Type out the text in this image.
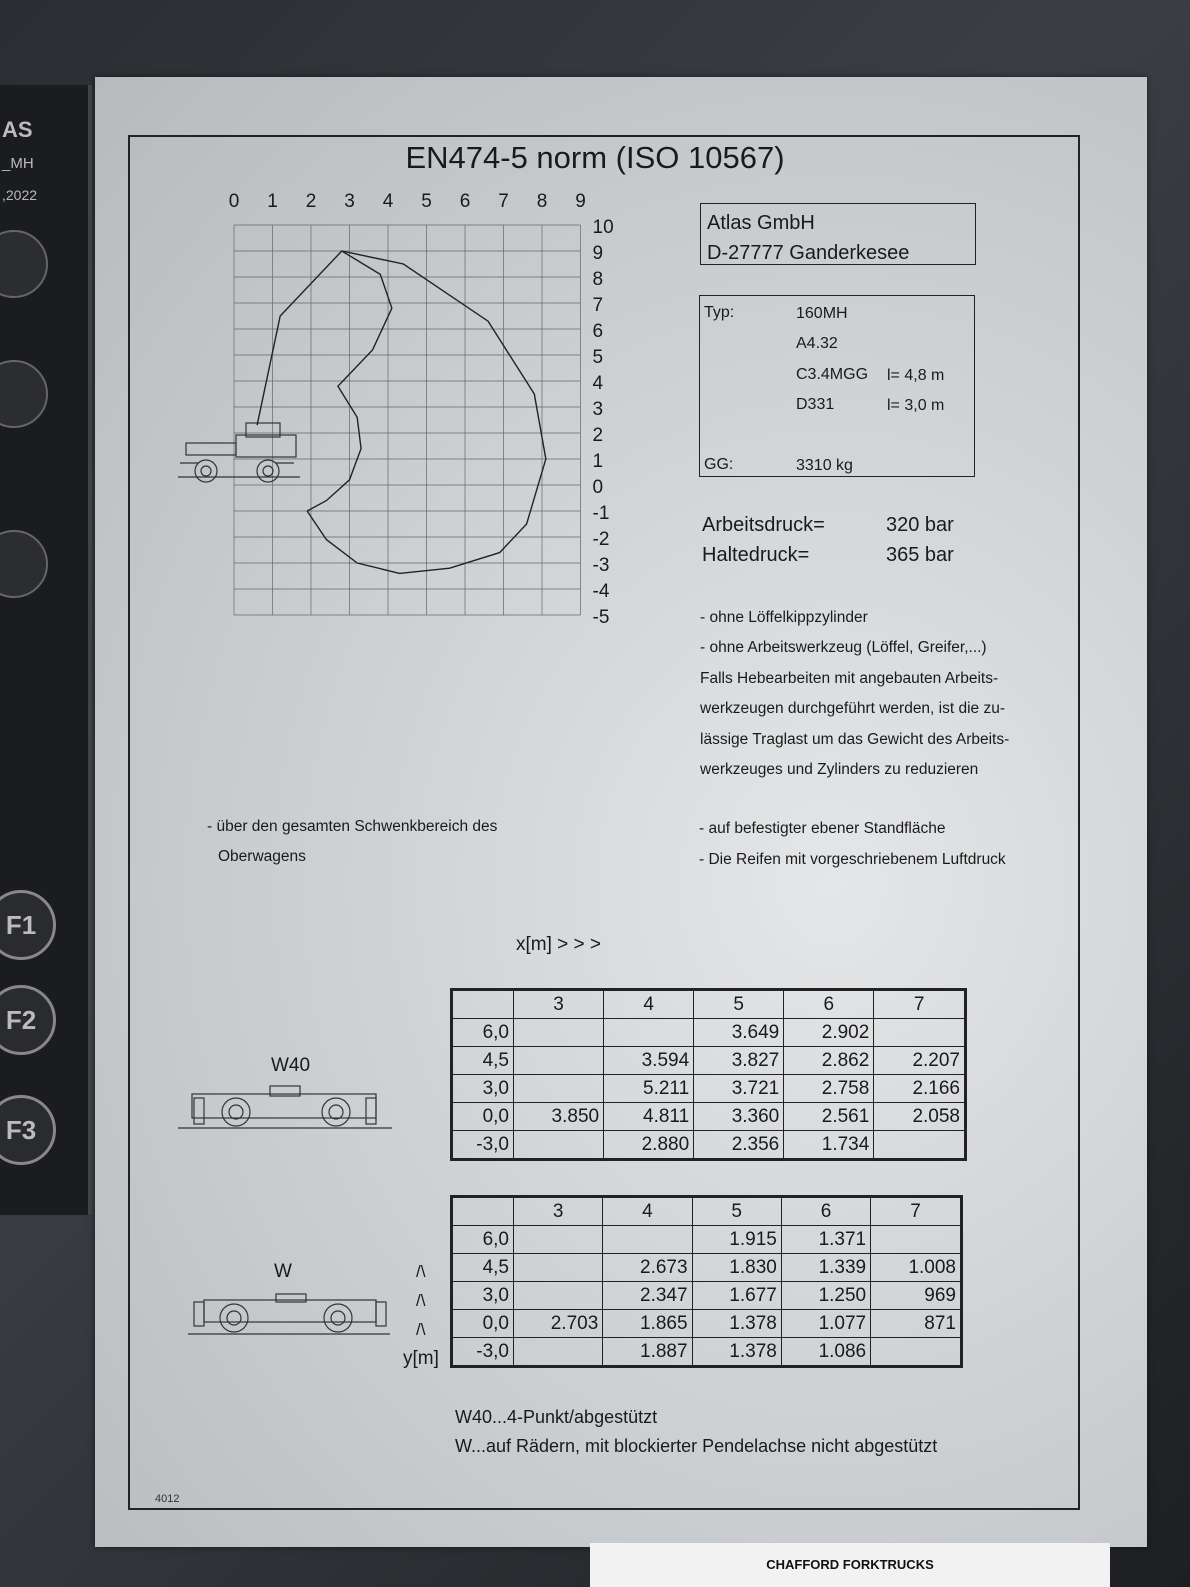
AS
_MH
,2022
F1
F2
F3
EN474-5 norm (ISO 10567)
0 1 2 3 4 5 6 7 8 9
10
9
8
7
6
5
4
3
2
1
0
-1
-2
-3
-4
-5
Atlas GmbH
D-27777 Ganderkesee
Typ:	160MH
A4.32
C3.4MGG l= 4,8 m
D331	l= 3,0 m
GG:	3310 kg
Arbeitsdruck=	320 bar
Haltedruck=	365 bar
- ohne Löffelkippzylinder
- ohne Arbeitswerkzeug (Löffel, Greifer,...)
Falls Hebearbeiten mit angebauten Arbeits-
werkzeugen durchgeführt werden, ist die zu-
lässige Traglast um das Gewicht des Arbeits-
werkzeuges und Zylinders zu reduzieren
- über den gesamten Schwenkbereich des
Oberwagens
- auf befestigter ebener Standfläche
- Die Reifen mit vorgeschriebenem Luftdruck
x[m] > > >
W40
	3	4	5	6	7
6,0			3.649	2.902	
4,5		3.594	3.827	2.862	2.207
3,0		5.211	3.721	2.758	2.166
0,0	3.850	4.811	3.360	2.561	2.058
-3,0		2.880	2.356	1.734	
W	/\
/\
/\
y[m]
	3	4	5	6	7
6,0			1.915	1.371	
4,5		2.673	1.830	1.339	1.008
3,0		2.347	1.677	1.250	969
0,0	2.703	1.865	1.378	1.077	871
-3,0		1.887	1.378	1.086	
W40...4-Punkt/abgestützt
W...auf Rädern, mit blockierter Pendelachse nicht abgestützt
4012
CHAFFORD FORKTRUCKS
